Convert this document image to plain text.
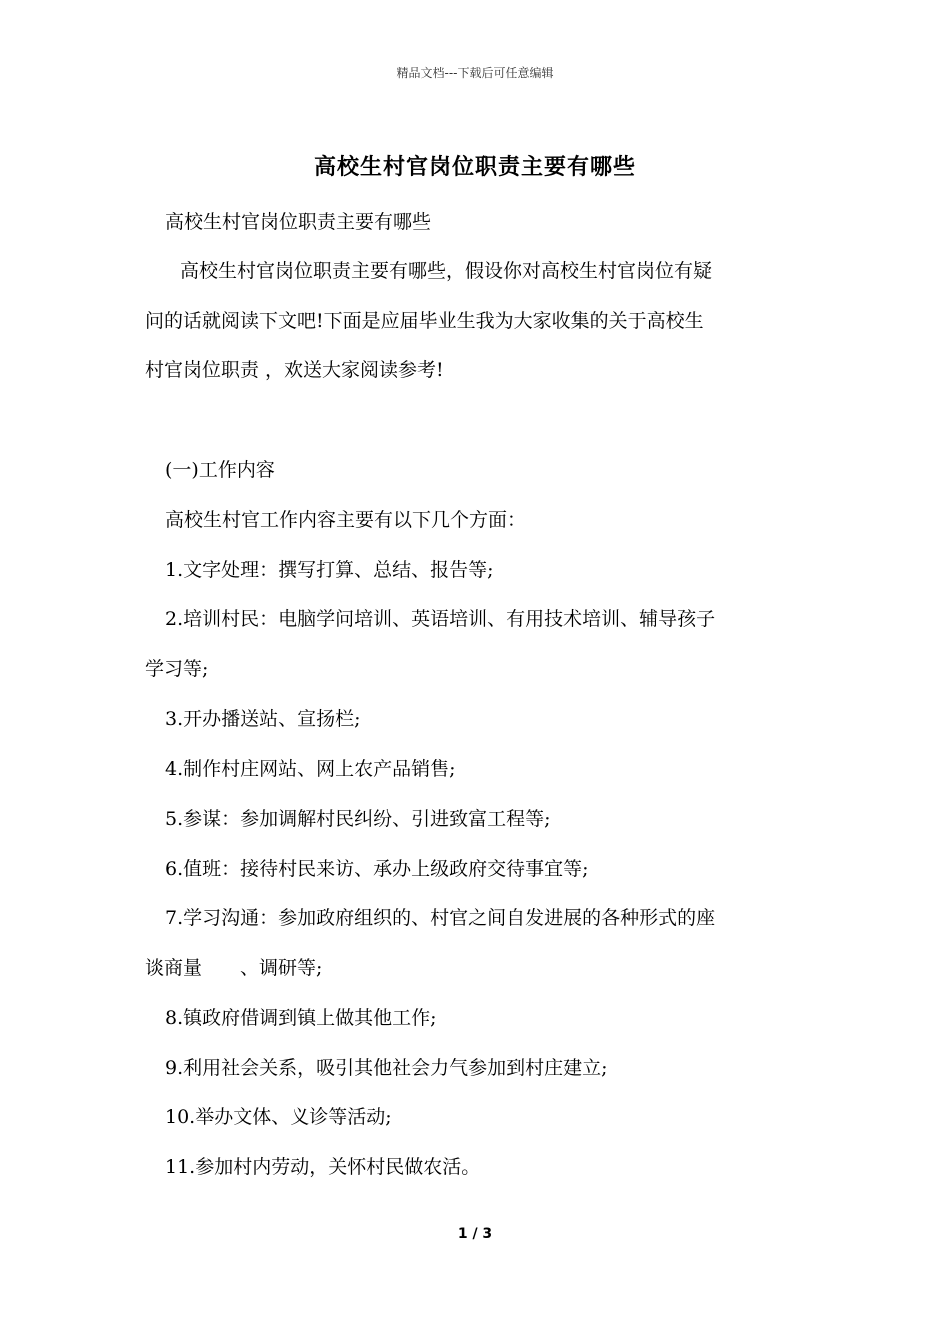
精品文档---下载后可任意编辑
高校生村官岗位职责主要有哪些
高校生村官岗位职责主要有哪些
高校生村官岗位职责主要有哪些，假设你对高校生村官岗位有疑
问的话就阅读下文吧!下面是应届毕业生我为大家收集的关于高校生
村官岗位职责 ，欢送大家阅读参考!
(一)工作内容
高校生村官工作内容主要有以下几个方面：
1.文字处理：撰写打算、总结、报告等;
2.培训村民：电脑学问培训、英语培训、有用技术培训、辅导孩子
学习等;
3.开办播送站、宣扬栏;
4.制作村庄网站、网上农产品销售;
5.参谋：参加调解村民纠纷、引进致富工程等;
6.值班：接待村民来访、承办上级政府交待事宜等;
7.学习沟通：参加政府组织的、村官之间自发进展的各种形式的座
谈商量　　、调研等;
8.镇政府借调到镇上做其他工作;
9.利用社会关系，吸引其他社会力气参加到村庄建立;
10.举办文体、义诊等活动;
11.参加村内劳动，关怀村民做农活。
1 / 3
